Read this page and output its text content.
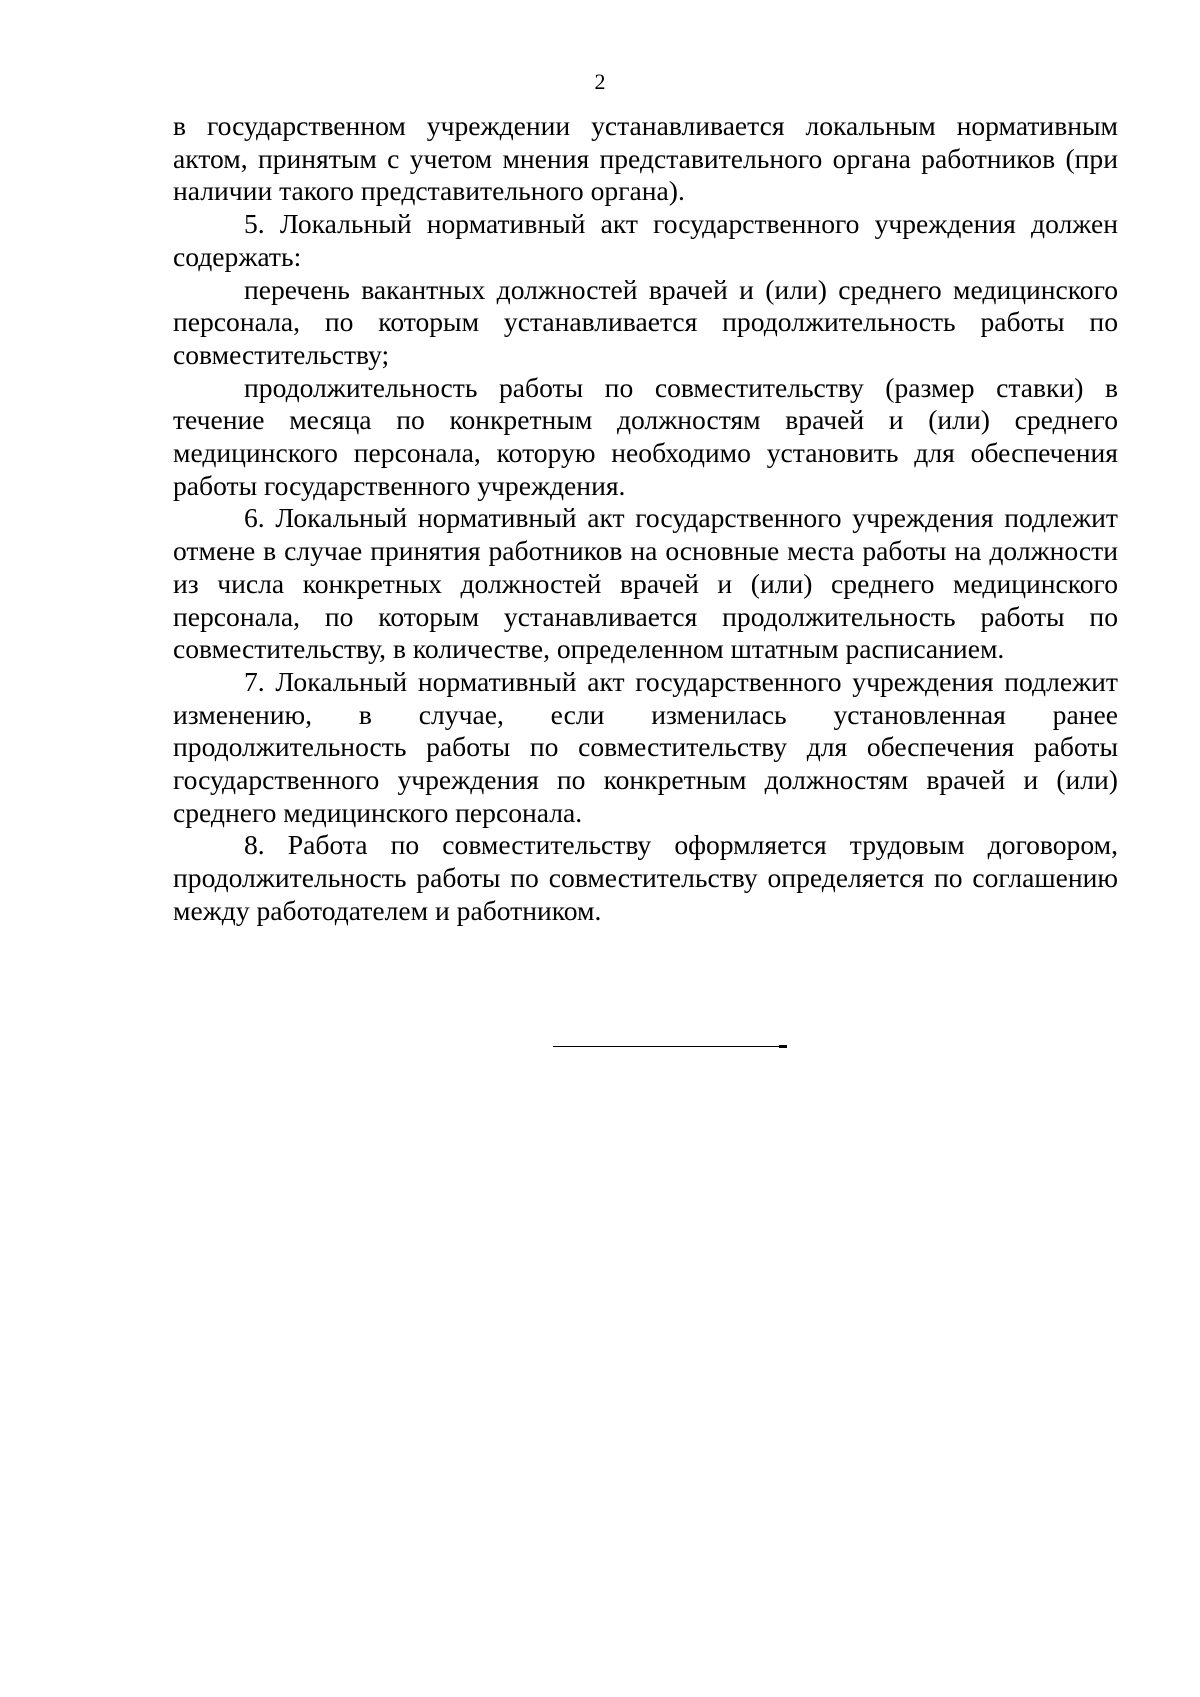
2

в государственном учреждении устанавливается локальным нормативным актом, принятым с учетом мнения представительного органа работников (при наличии такого представительного органа).

5. Локальный нормативный акт государственного учреждения должен содержать:

перечень вакантных должностей врачей и (или) среднего медицинского персонала, по которым устанавливается продолжительность работы по совместительству;

продолжительность работы по совместительству (размер ставки) в течение месяца по конкретным должностям врачей и (или) среднего медицинского персонала, которую необходимо установить для обеспечения работы государственного учреждения.

6. Локальный нормативный акт государственного учреждения подлежит отмене в случае принятия работников на основные места работы на должности из числа конкретных должностей врачей и (или) среднего медицинского персонала, по которым устанавливается продолжительность работы по совместительству, в количестве, определенном штатным расписанием.

7. Локальный нормативный акт государственного учреждения подлежит изменению, в случае, если изменилась установленная ранее продолжительность работы по совместительству для обеспечения работы государственного учреждения по конкретным должностям врачей и (или) среднего медицинского персонала.

8. Работа по совместительству оформляется трудовым договором, продолжительность работы по совместительству определяется по соглашению между работодателем и работником.
